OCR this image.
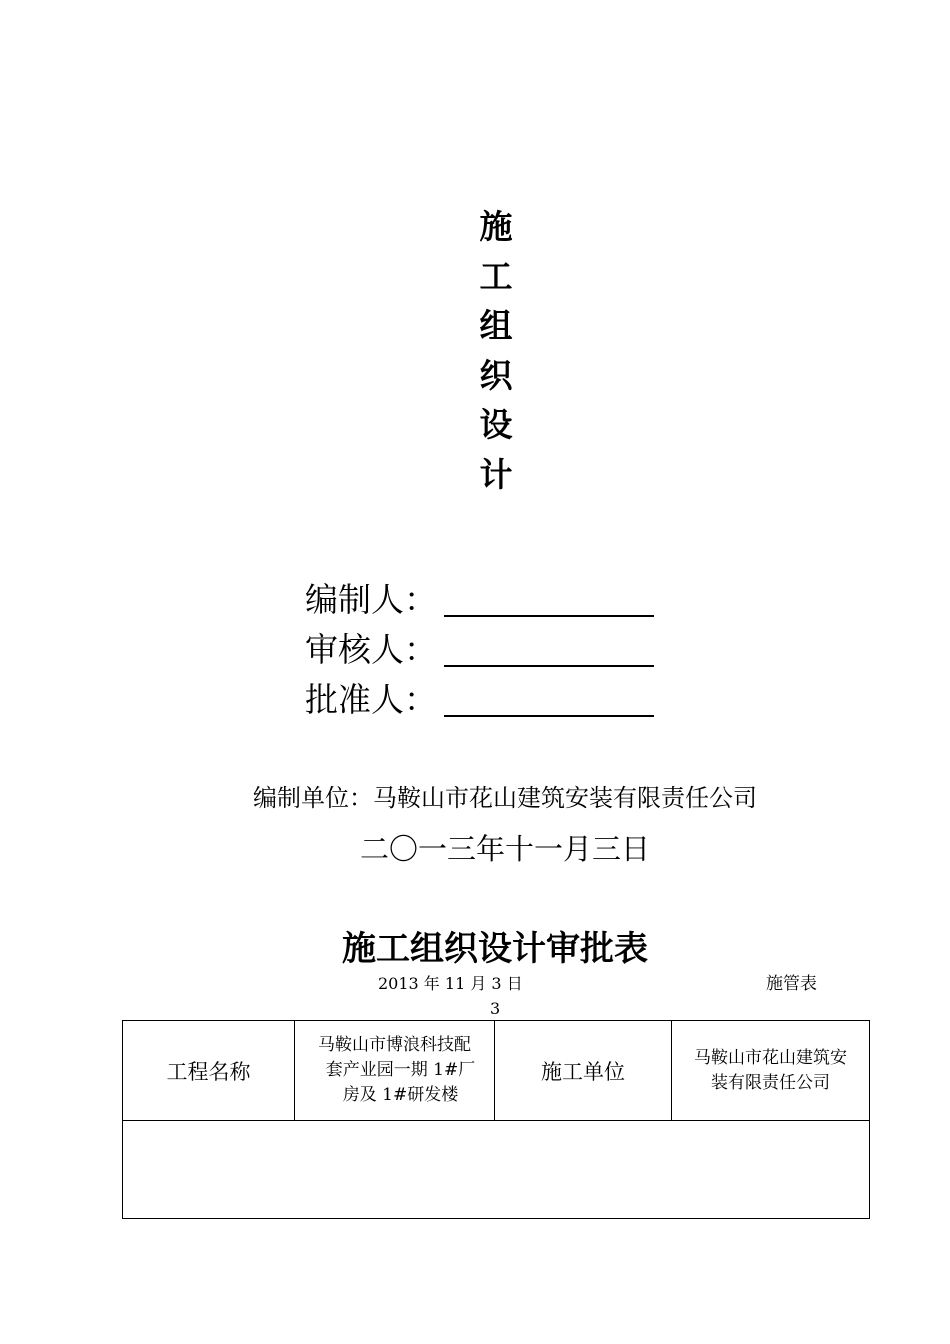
施
工
组
织
设
计
编制人：
审核人：
批准人：
编制单位：马鞍山市花山建筑安装有限责任公司
二〇一三年十一月三日
施工组织设计审批表
2013 年 11 月 3 日	施管表
3
工程名称	
马鞍山市博浪科技配
套产业园一期 1#厂
房及 1#研发楼
	施工单位	
马鞍山市花山建筑安
装有限责任公司
